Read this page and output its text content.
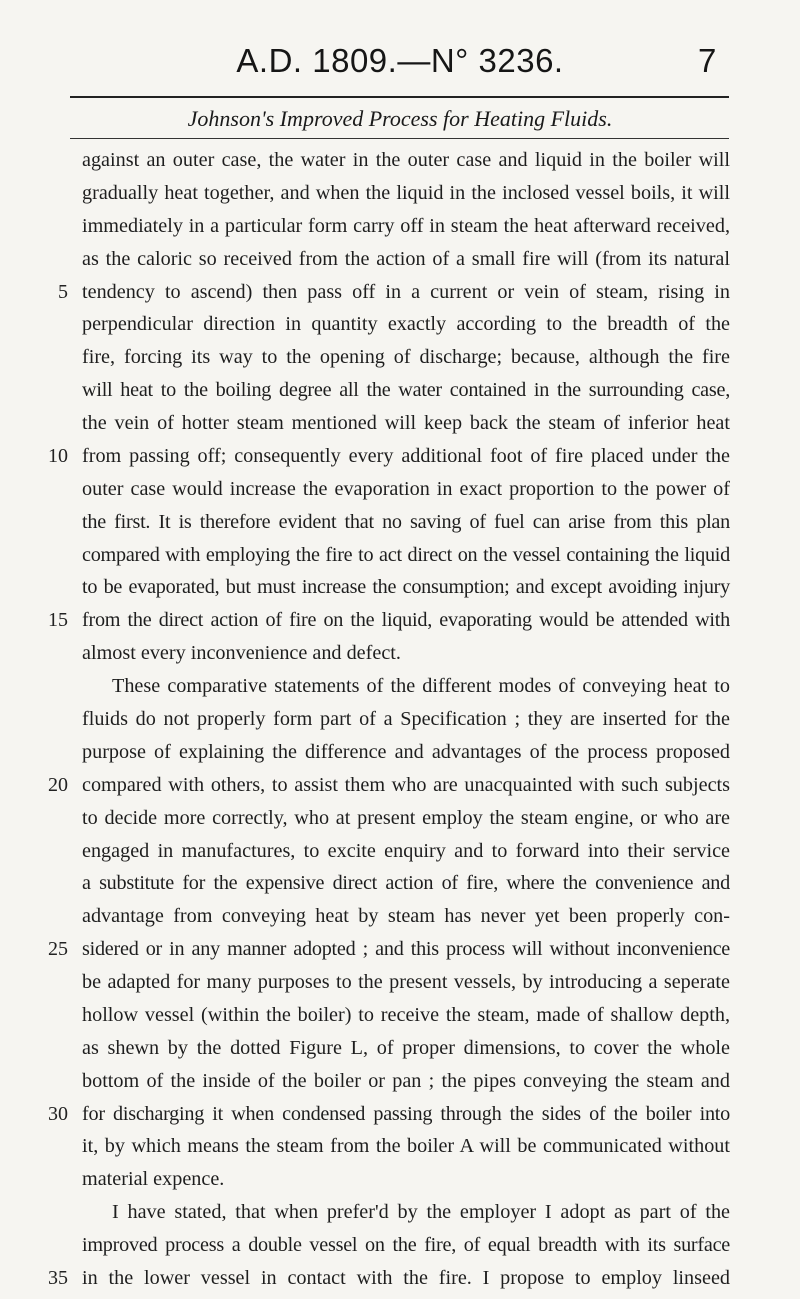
A.D. 1809.—N° 3236.	7
Johnson's Improved Process for Heating Fluids.
against an outer case, the water in the outer case and liquid in the boiler will
gradually heat together, and when the liquid in the inclosed vessel boils, it will
immediately in a particular form carry off in steam the heat afterward received,
as the caloric so received from the action of a small fire will (from its natural
tendency to ascend) then pass off in a current or vein of steam, rising in
perpendicular direction in quantity exactly according to the breadth of the
fire, forcing its way to the opening of discharge; because, although the fire
will heat to the boiling degree all the water contained in the surrounding case,
the vein of hotter steam mentioned will keep back the steam of inferior heat
from passing off; consequently every additional foot of fire placed under the
outer case would increase the evaporation in exact proportion to the power of
the first. It is therefore evident that no saving of fuel can arise from this plan
compared with employing the fire to act direct on the vessel containing the liquid
to be evaporated, but must increase the consumption; and except avoiding injury
from the direct action of fire on the liquid, evaporating would be attended with
almost every inconvenience and defect.
These comparative statements of the different modes of conveying heat to
fluids do not properly form part of a Specification ; they are inserted for the
purpose of explaining the difference and advantages of the process proposed
compared with others, to assist them who are unacquainted with such subjects
to decide more correctly, who at present employ the steam engine, or who are
engaged in manufactures, to excite enquiry and to forward into their service
a substitute for the expensive direct action of fire, where the convenience and
advantage from conveying heat by steam has never yet been properly con-
sidered or in any manner adopted ; and this process will without inconvenience
be adapted for many purposes to the present vessels, by introducing a seperate
hollow vessel (within the boiler) to receive the steam, made of shallow depth,
as shewn by the dotted Figure L, of proper dimensions, to cover the whole
bottom of the inside of the boiler or pan ; the pipes conveying the steam and
for discharging it when condensed passing through the sides of the boiler into
it, by which means the steam from the boiler A will be communicated without
material expence.
I have stated, that when prefer'd by the employer I adopt as part of the
improved process a double vessel on the fire, of equal breadth with its surface
in the lower vessel in contact with the fire. I propose to employ linseed
5
10
15
20
25
30
35
